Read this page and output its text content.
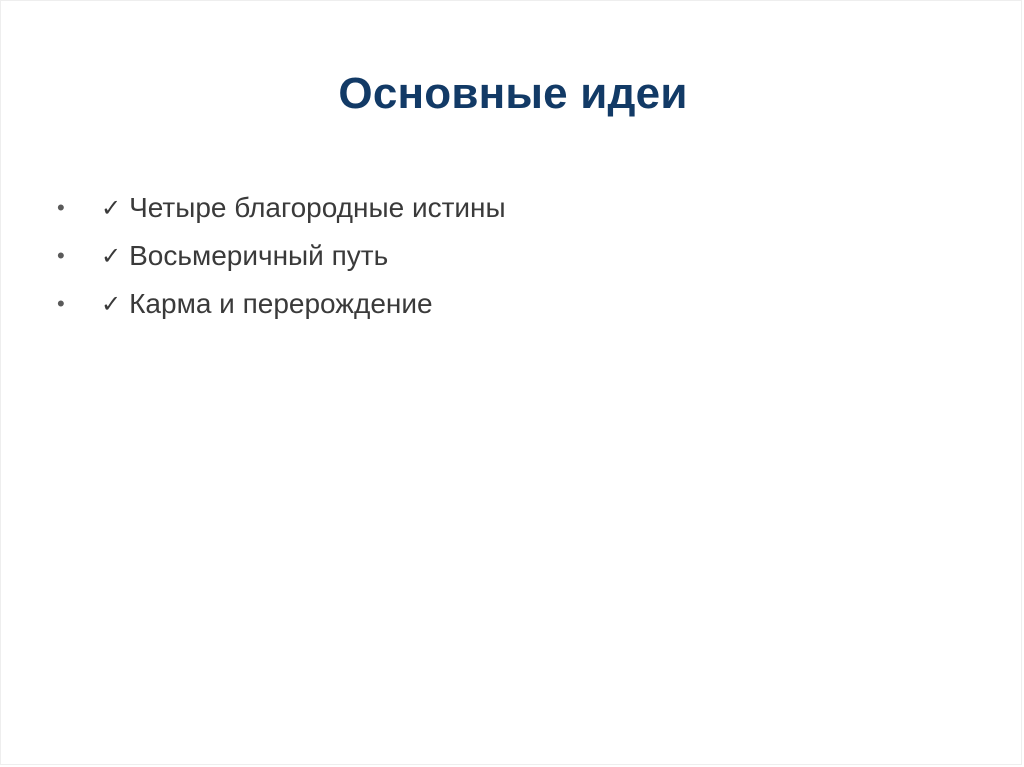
Основные идеи
•	✓ Четыре благородные истины
•	✓ Восьмеричный путь
•	✓ Карма и перерождение
